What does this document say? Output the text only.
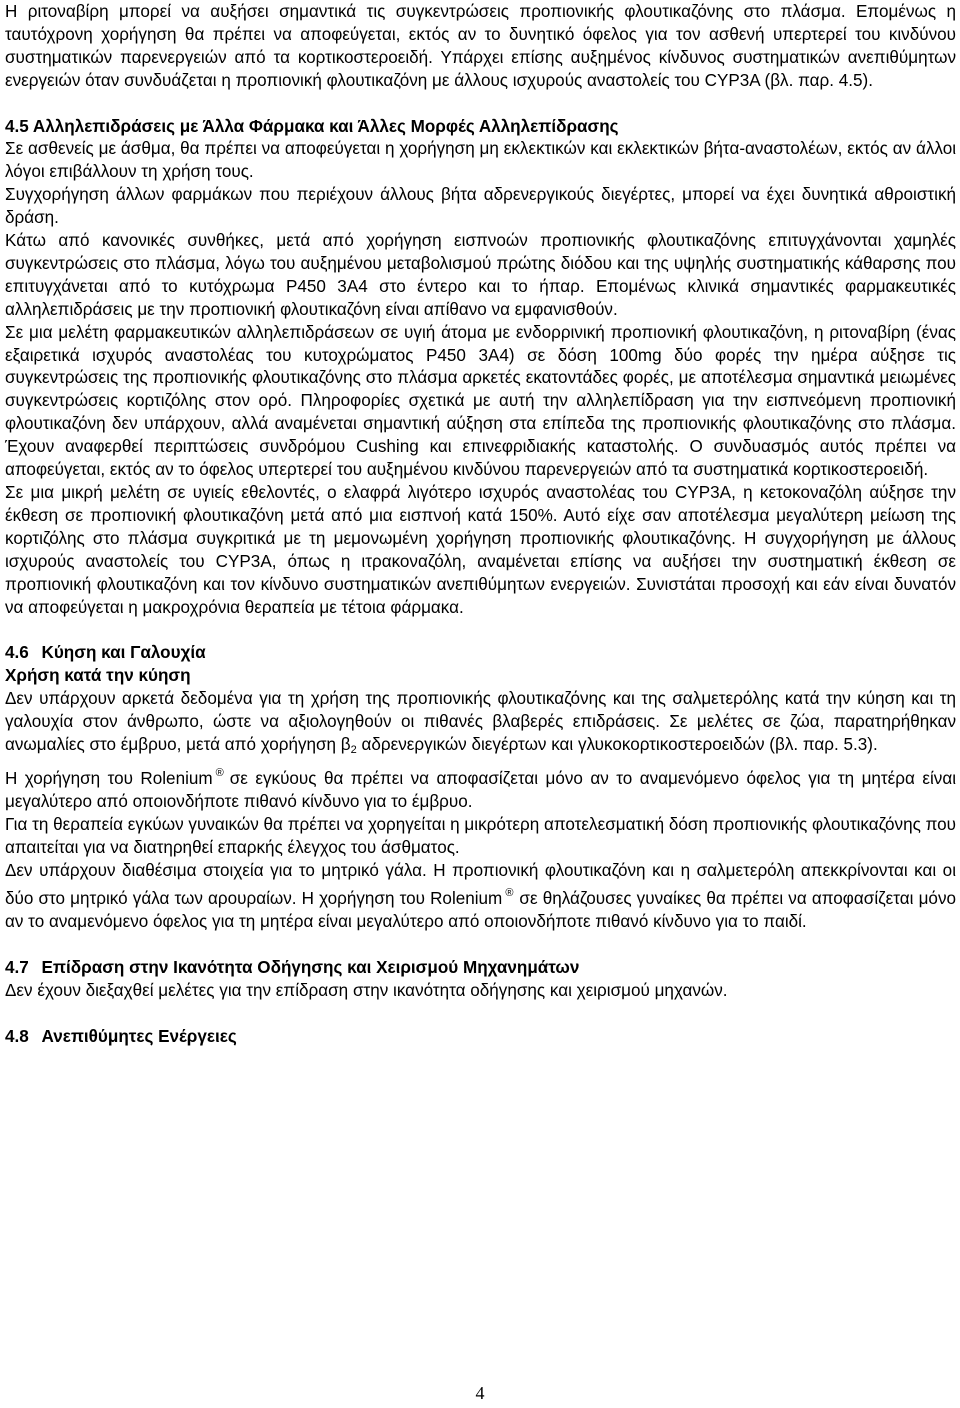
Η ριτοναβίρη μπορεί να αυξήσει σημαντικά τις συγκεντρώσεις προπιονικής φλουτικαζόνης στο πλάσμα. Επομένως η ταυτόχρονη χορήγηση θα πρέπει να αποφεύγεται, εκτός αν το δυνητικό όφελος για τον ασθενή υπερτερεί του κινδύνου συστηματικών παρενεργειών από τα κορτικοστεροειδή. Υπάρχει επίσης αυξημένος κίνδυνος συστηματικών ανεπιθύμητων ενεργειών όταν συνδυάζεται η προπιονική φλουτικαζόνη με άλλους ισχυρούς αναστολείς του CYP3A (βλ. παρ. 4.5).

4.5 Αλληλεπιδράσεις με Άλλα Φάρμακα και Άλλες Μορφές Αλληλεπίδρασης

Σε ασθενείς με άσθμα, θα πρέπει να αποφεύγεται η χορήγηση μη εκλεκτικών και εκλεκτικών βήτα-αναστολέων, εκτός αν άλλοι λόγοι επιβάλλουν τη χρήση τους.

Συγχορήγηση άλλων φαρμάκων που περιέχουν άλλους βήτα αδρενεργικούς διεγέρτες, μπορεί να έχει δυνητικά αθροιστική δράση.

Κάτω από κανονικές συνθήκες, μετά από χορήγηση εισπνοών προπιονικής φλουτικαζόνης επιτυγχάνονται χαμηλές συγκεντρώσεις στο πλάσμα, λόγω του αυξημένου μεταβολισμού πρώτης διόδου και της υψηλής συστηματικής κάθαρσης που επιτυγχάνεται από το κυτόχρωμα P450 3A4 στο έντερο και το ήπαρ. Επομένως κλινικά σημαντικές φαρμακευτικές αλληλεπιδράσεις με την προπιονική φλουτικαζόνη είναι απίθανο να εμφανισθούν.

Σε μια μελέτη φαρμακευτικών αλληλεπιδράσεων σε υγιή άτομα με ενδορρινική προπιονική φλουτικαζόνη, η ριτοναβίρη (ένας εξαιρετικά ισχυρός αναστολέας του κυτοχρώματος P450 3A4) σε δόση 100mg δύο φορές την ημέρα αύξησε τις συγκεντρώσεις της προπιονικής φλουτικαζόνης στο πλάσμα αρκετές εκατοντάδες φορές, με αποτέλεσμα σημαντικά μειωμένες συγκεντρώσεις κορτιζόλης στον ορό. Πληροφορίες σχετικά με αυτή την αλληλεπίδραση για την εισπνεόμενη προπιονική φλουτικαζόνη δεν υπάρχουν, αλλά αναμένεται σημαντική αύξηση στα επίπεδα της προπιονικής φλουτικαζόνης στο πλάσμα. Έχουν αναφερθεί περιπτώσεις συνδρόμου Cushing και επινεφριδιακής καταστολής. Ο συνδυασμός αυτός πρέπει να αποφεύγεται, εκτός αν το όφελος υπερτερεί του αυξημένου κινδύνου παρενεργειών από τα συστηματικά κορτικοστεροειδή.

Σε μια μικρή μελέτη σε υγιείς εθελοντές, ο ελαφρά λιγότερο ισχυρός αναστολέας του CYP3A, η κετοκοναζόλη αύξησε την έκθεση σε προπιονική φλουτικαζόνη μετά από μια εισπνοή κατά 150%. Αυτό είχε σαν αποτέλεσμα μεγαλύτερη μείωση της κορτιζόλης στο πλάσμα συγκριτικά με τη μεμονωμένη χορήγηση προπιονικής φλουτικαζόνης. Η συγχορήγηση με άλλους ισχυρούς αναστολείς του CYP3A, όπως η ιτρακοναζόλη, αναμένεται επίσης να αυξήσει την συστηματική έκθεση σε προπιονική φλουτικαζόνη και τον κίνδυνο συστηματικών ανεπιθύμητων ενεργειών. Συνιστάται προσοχή και εάν είναι δυνατόν να αποφεύγεται η μακροχρόνια θεραπεία με τέτοια φάρμακα.

4.6 Κύηση και Γαλουχία
Χρήση κατά την κύηση

Δεν υπάρχουν αρκετά δεδομένα για τη χρήση της προπιονικής φλουτικαζόνης και της σαλμετερόλης κατά την κύηση και τη γαλουχία στον άνθρωπο, ώστε να αξιολογηθούν οι πιθανές βλαβερές επιδράσεις. Σε μελέτες σε ζώα, παρατηρήθηκαν ανωμαλίες στο έμβρυο, μετά από χορήγηση $\beta_2$ αδρενεργικών διεγέρτων και γλυκοκορτικοστεροειδών (βλ. παρ. 5.3).

Η χορήγηση του Rolenium ® σε εγκύους θα πρέπει να αποφασίζεται μόνο αν το αναμενόμενο όφελος για τη μητέρα είναι μεγαλύτερο από οποιονδήποτε πιθανό κίνδυνο για το έμβρυο.

Για τη θεραπεία εγκύων γυναικών θα πρέπει να χορηγείται η μικρότερη αποτελεσματική δόση προπιονικής φλουτικαζόνης που απαιτείται για να διατηρηθεί επαρκής έλεγχος του άσθματος.

Δεν υπάρχουν διαθέσιμα στοιχεία για το μητρικό γάλα. Η προπιονική φλουτικαζόνη και η σαλμετερόλη απεκκρίνονται και οι δύο στο μητρικό γάλα των αρουραίων. Η χορήγηση του Rolenium ® σε θηλάζουσες γυναίκες θα πρέπει να αποφασίζεται μόνο αν το αναμενόμενο όφελος για τη μητέρα είναι μεγαλύτερο από οποιονδήποτε πιθανό κίνδυνο για το παιδί.

4.7 Επίδραση στην Ικανότητα Οδήγησης και Χειρισμού Μηχανημάτων

Δεν έχουν διεξαχθεί μελέτες για την επίδραση στην ικανότητα οδήγησης και χειρισμού μηχανών.

4.8 Ανεπιθύμητες Ενέργειες
4
